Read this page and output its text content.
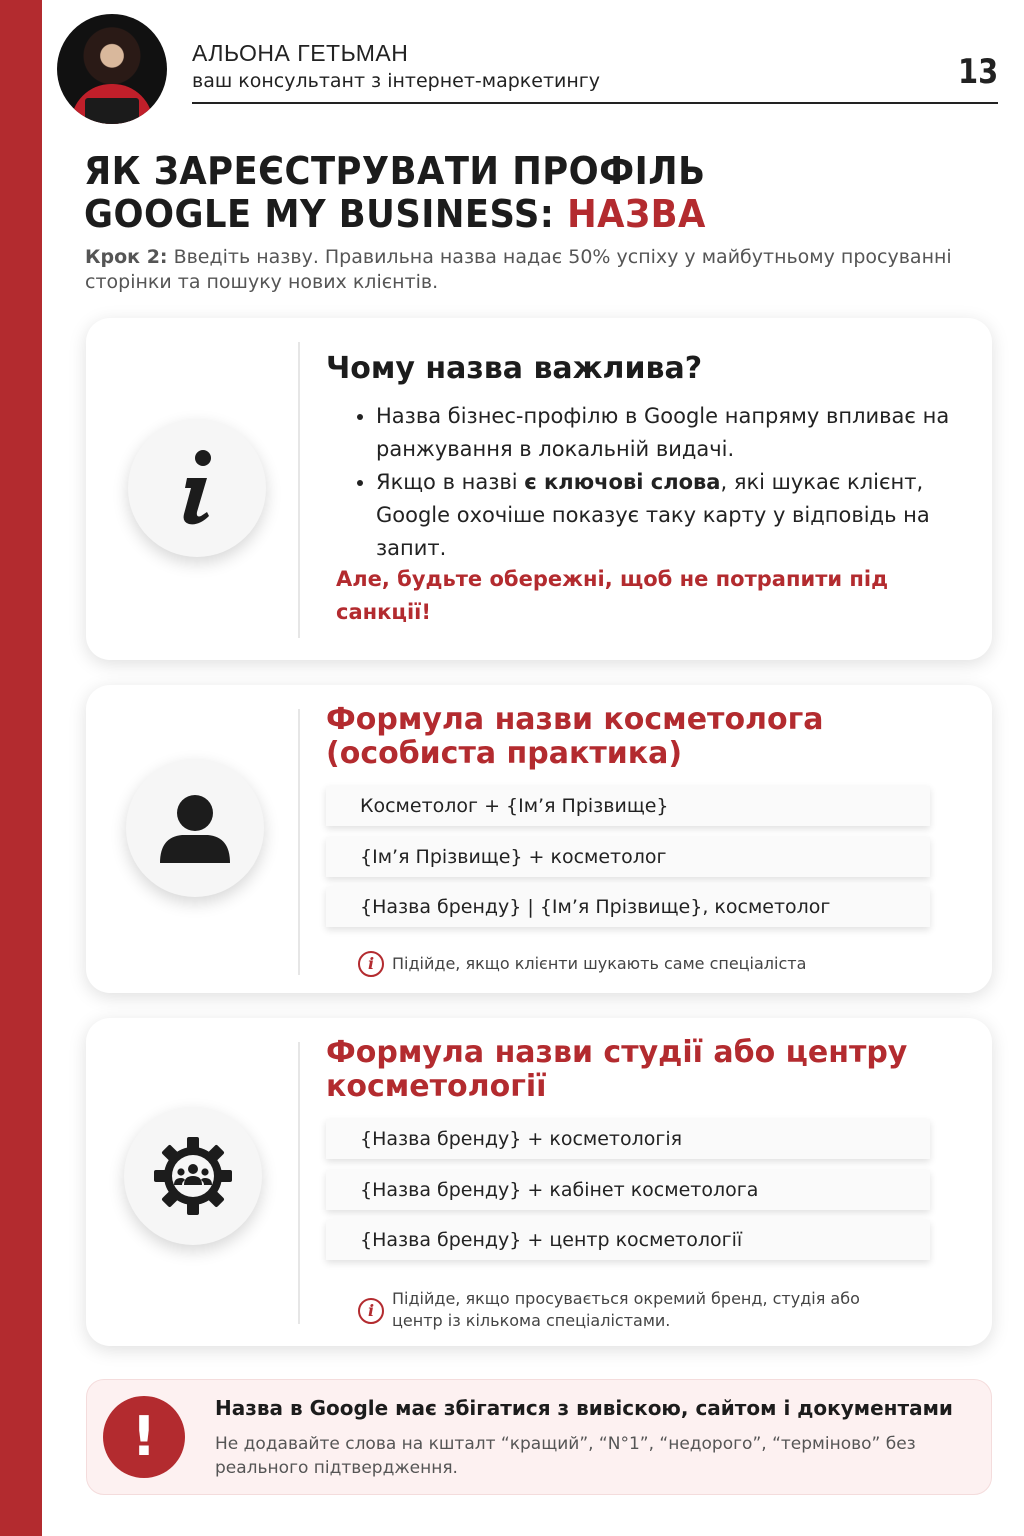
АЛЬОНА ГЕТЬМАН
ваш консультант з інтернет-маркетингу	13
ЯК ЗАРЕЄСТРУВАТИ ПРОФІЛЬ
GOOGLE MY BUSINESS: НАЗВА
Крок 2: Введіть назву. Правильна назва надає 50% успіху у майбутньому просуванні сторінки та пошуку нових клієнтів.
Чому назва важлива?
• Назва бізнес-профілю в Google напряму впливає на ранжування в локальній видачі.
• Якщо в назві є ключові слова, які шукає клієнт, Google охочіше показує таку карту у відповідь на запит.
Але, будьте обережні, щоб не потрапити під санкції!
Формула назви косметолога (особиста практика)
Косметолог + {Ім’я Прізвище}
{Ім’я Прізвище} + косметолог
{Назва бренду} | {Ім’я Прізвище}, косметолог
i	Підійде, якщо клієнти шукають саме спеціаліста
Формула назви студії або центру косметології
{Назва бренду} + косметологія
{Назва бренду} + кабінет косметолога
{Назва бренду} + центр косметології
i
Підійде, якщо просувається окремий бренд, студія або центр із кількома спеціалістами.
!	Назва в Google має збігатися з вивіскою, сайтом і документами
Не додавайте слова на кшталт “кращий”, “N°1”, “недорого”, “терміново” без реального підтвердження.
